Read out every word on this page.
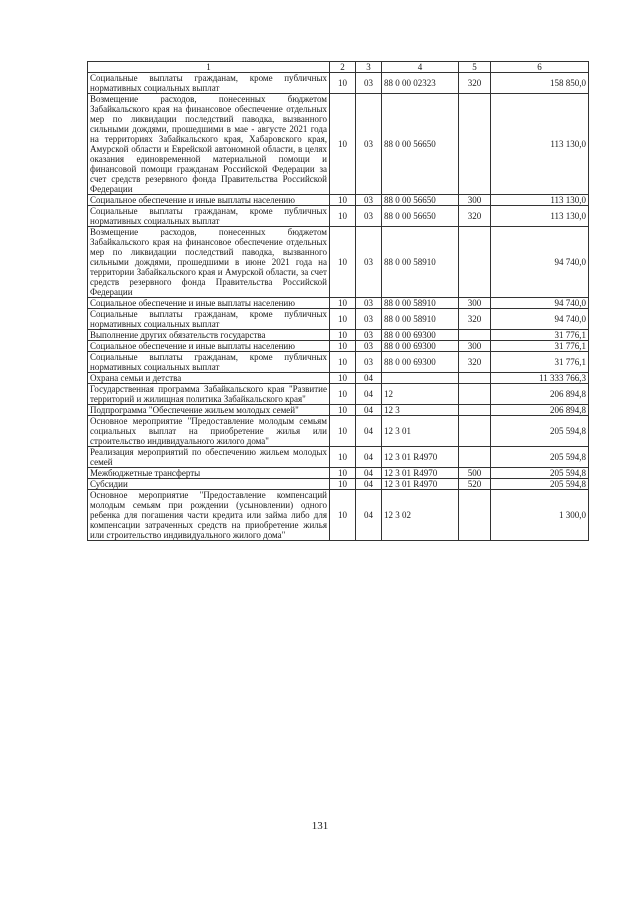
1	2	3	4	5	6
Социальные выплаты гражданам, кроме публичных нормативных социальных выплат	10	03	88 0 00 02323	320	158 850,0
Возмещение расходов, понесенных бюджетом Забайкальского края на финансовое обеспечение отдельных мер по ликвидации последствий паводка, вызванного сильными дождями, прошедшими в мае - августе 2021 года на территориях Забайкальского края, Хабаровского края, Амурской области и Еврейской автономной области, в целях оказания единовременной материальной помощи и финансовой помощи гражданам Российской Федерации за счет средств резервного фонда Правительства Российской Федерации	10	03	88 0 00 56650		113 130,0
Социальное обеспечение и иные выплаты населению	10	03	88 0 00 56650	300	113 130,0
Социальные выплаты гражданам, кроме публичных нормативных социальных выплат	10	03	88 0 00 56650	320	113 130,0
Возмещение расходов, понесенных бюджетом Забайкальского края на финансовое обеспечение отдельных мер по ликвидации последствий паводка, вызванного сильными дождями, прошедшими в июне 2021 года на территории Забайкальского края и Амурской области, за счет средств резервного фонда Правительства Российской Федерации	10	03	88 0 00 58910		94 740,0
Социальное обеспечение и иные выплаты населению	10	03	88 0 00 58910	300	94 740,0
Социальные выплаты гражданам, кроме публичных нормативных социальных выплат	10	03	88 0 00 58910	320	94 740,0
Выполнение других обязательств государства	10	03	88 0 00 69300		31 776,1
Социальное обеспечение и иные выплаты населению	10	03	88 0 00 69300	300	31 776,1
Социальные выплаты гражданам, кроме публичных нормативных социальных выплат	10	03	88 0 00 69300	320	31 776,1
Охрана семьи и детства	10	04			11 333 766,3
Государственная программа Забайкальского края "Развитие территорий и жилищная политика Забайкальского края"	10	04	12		206 894,8
Подпрограмма "Обеспечение жильем молодых семей"	10	04	12 3		206 894,8
Основное мероприятие "Предоставление молодым семьям социальных выплат на приобретение жилья или строительство индивидуального жилого дома"	10	04	12 3 01		205 594,8
Реализация мероприятий по обеспечению жильем молодых семей	10	04	12 3 01 R4970		205 594,8
Межбюджетные трансферты	10	04	12 3 01 R4970	500	205 594,8
Субсидии	10	04	12 3 01 R4970	520	205 594,8
Основное мероприятие "Предоставление компенсаций молодым семьям при рождении (усыновлении) одного ребенка для погашения части кредита или займа либо для компенсации затраченных средств на приобретение жилья или строительство индивидуального жилого дома"	10	04	12 3 02		1 300,0
131
